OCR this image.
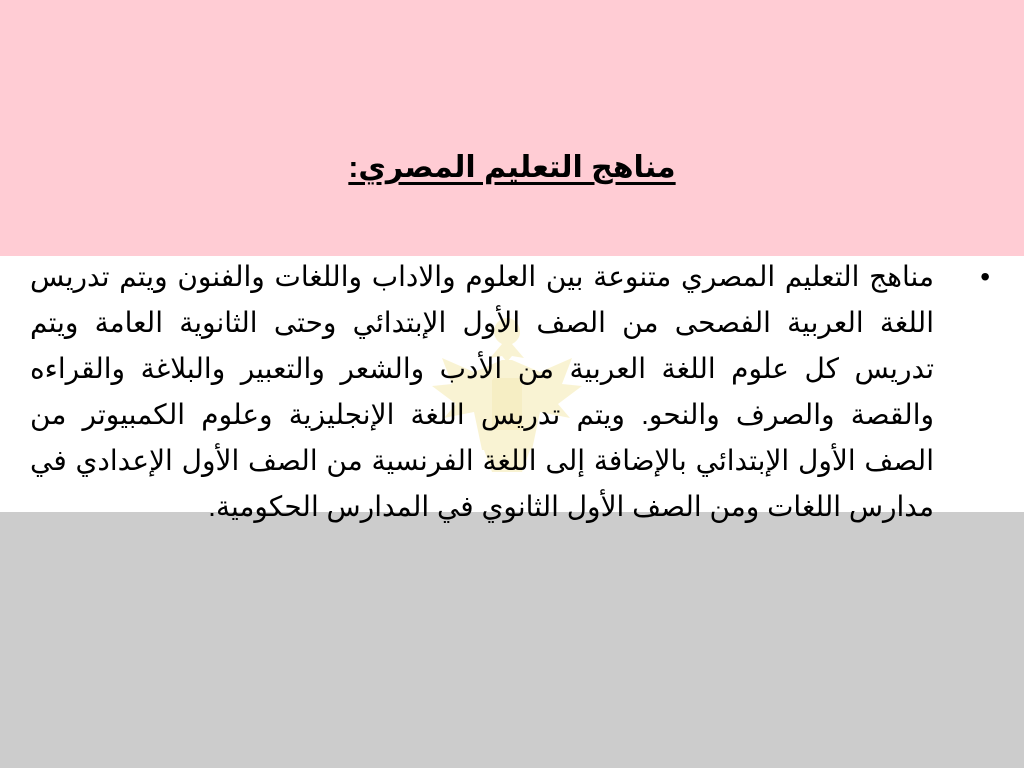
مناهج التعليم المصري:
•

مناهج التعليم المصري متنوعة بين العلوم والاداب واللغات والفنون ويتم تدريس اللغة العربية الفصحى من الصف الأول الإبتدائي وحتى الثانوية العامة ويتم تدريس كل علوم اللغة العربية من الأدب والشعر والتعبير والبلاغة والقراءه والقصة والصرف والنحو. ويتم تدريس اللغة الإنجليزية وعلوم الكمبيوتر من الصف الأول الإبتدائي بالإضافة إلى اللغة الفرنسية من الصف الأول الإعدادي في مدارس اللغات ومن الصف الأول الثانوي في المدارس الحكومية.
